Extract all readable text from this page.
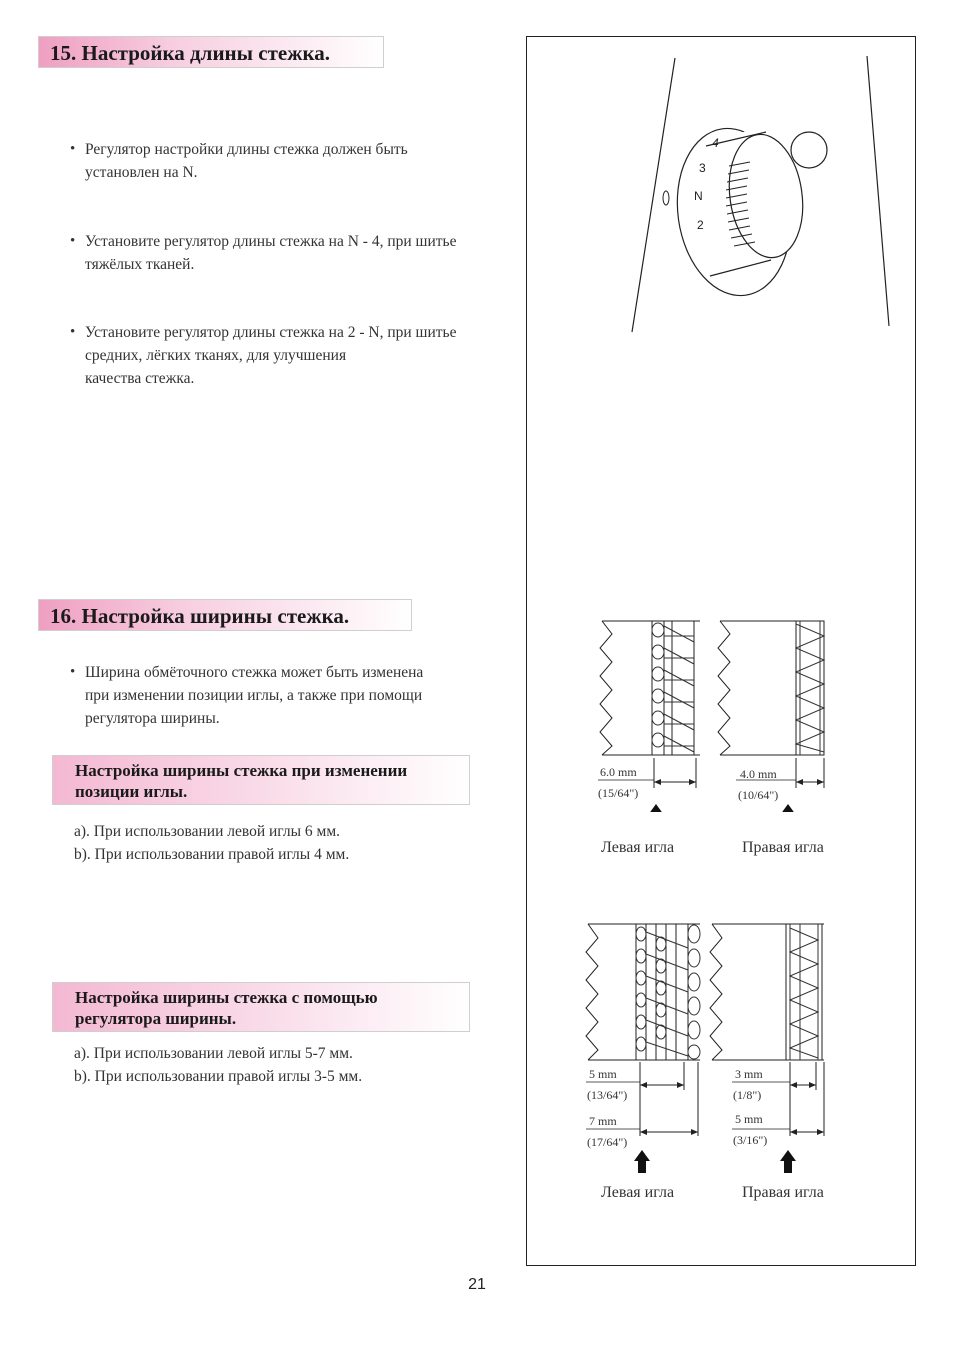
15. Настройка длины стежка.
• Регулятор настройки длины стежка должен быть
установлен на N.
• Установите регулятор длины стежка на N - 4, при шитье
тяжёлых тканей.
• Установите регулятор длины стежка на 2 - N, при шитье
средних, лёгких тканях, для улучшения
качества стежка.
16. Настройка ширины стежка.
• Ширина обмёточного стежка может быть изменена
при изменении позиции иглы, а также при помощи
регулятора ширины.
Настройка ширины стежка при изменении позиции иглы.
a). При использовании левой иглы 6 мм.
b). При использовании правой иглы 4 мм.
Настройка ширины стежка с помощью регулятора ширины.
a). При использовании левой иглы 5-7 мм.
b). При использовании правой иглы 3-5 мм.
4
3
N
2
6.0 mm
(15/64")
4.0 mm
(10/64")
Левая игла	Правая игла
5 mm
(13/64")
7 mm
(17/64")
3 mm
(1/8")
5 mm
(3/16")
Левая игла	Правая игла
21
